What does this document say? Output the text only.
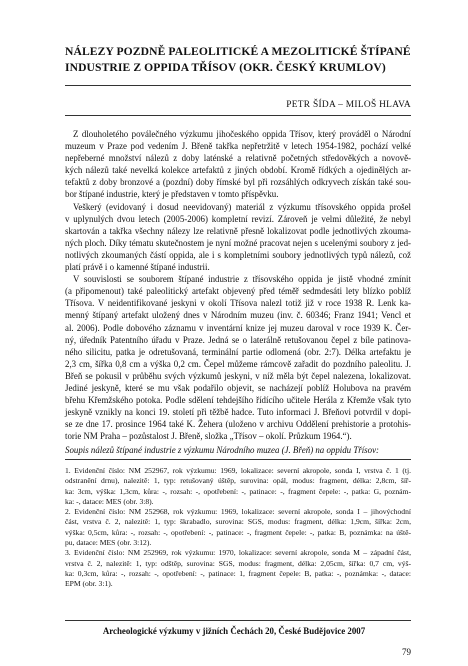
NÁLEZY POZDNĚ PALEOLITICKÉ A MEZOLITICKÉ ŠTÍPANÉ
INDUSTRIE Z OPPIDA TŘÍSOV (OKR. ČESKÝ KRUMLOV)
PETR ŠÍDA – MILOŠ HLAVA
Z dlouholetého poválečného výzkumu jihočeského oppida Třísov, který prováděl o Národní
muzeum v Praze pod vedením J. Břeně takřka nepřetržitě v letech 1954-1982, pochází velké
nepřeberné množství nálezů z doby laténské a relativně početných středověkých a novově-
kých nálezů také nevelká kolekce artefaktů z jiných období. Kromě řídkých a ojedinělých ar-
tefaktů z doby bronzové a (pozdní) doby římské byl při rozsáhlých odkryvech získán také sou-
bor štípané industrie, který je představen v tomto příspěvku.
Veškerý (evidovaný i dosud neevidovaný) materiál z výzkumu třísovského oppida prošel
v uplynulých dvou letech (2005-2006) kompletní revizí. Zároveň je velmi důležité, že nebyl
skartován a takřka všechny nálezy lze relativně přesně lokalizovat podle jednotlivých zkouma-
ných ploch. Díky tématu skutečnostem je nyní možné pracovat nejen s ucelenými soubory z jed-
notlivých zkoumaných částí oppida, ale i s kompletními soubory jednotlivých typů nálezů, což
platí právě i o kamenné štípané industrii.
V souvislosti se souborem štípané industrie z třísovského oppida je jistě vhodné zmínit
(a připomenout) také paleolitický artefakt objevený před téměř sedmdesáti lety blízko poblíž
Třísova. V neidentifikované jeskyni v okolí Třísova nalezl totiž již v roce 1938 R. Lenk ka-
menný štípaný artefakt uložený dnes v Národním muzeu (inv. č. 60346; Franz 1941; Vencl et
al. 2006). Podle dobového záznamu v inventární knize jej muzeu daroval v roce 1939 K. Čer-
ný, úředník Patentního úřadu v Praze. Jedná se o laterálně retušovanou čepel z bíle patinova-
ného silicitu, patka je odretušovaná, terminální partie odlomená (obr. 2:7). Délka artefaktu je
2,3 cm, šířka 0,8 cm a výška 0,2 cm. Čepel můžeme rámcově zařadit do pozdního paleolitu. J.
Břeň se pokusil v průběhu svých výzkumů jeskyni, v níž měla být čepel nalezena, lokalizovat.
Jediné jeskyně, které se mu však podařilo objevit, se nacházejí poblíž Holubova na pravém
břehu Křemžského potoka. Podle sdělení tehdejšího řídícího učitele Herála z Křemže však tyto
jeskyně vznikly na konci 19. století při těžbě hadce. Tuto informaci J. Břeňovi potvrdil v dopi-
se ze dne 17. prosince 1964 také K. Žehera (uloženo v archivu Oddělení prehistorie a protohis-
torie NM Praha – pozůstalost J. Břeně, složka „Třísov – okolí. Průzkum 1964.“).
Soupis nálezů štípané industrie z výzkumu Národního muzea (J. Břeň) na oppidu Třísov:
1. Evidenční číslo: NM 252967, rok výzkumu: 1969, lokalizace: severní akropole, sonda I, vrstva č. 1 (tj.
odstranění drnu), nalezitě: 1, typ: retušovaný úštěp, surovina: opál, modus: fragment, délka: 2,8cm, šíř-
ka: 3cm, výška: 1,3cm, kůra: -, rozsah: -, opotřebení: -, patinace: -, fragment čepele: -, patka: G, poznám-
ka: -, datace: MES (obr. 3:8).
2. Evidenční číslo: NM 252968, rok výzkumu: 1969, lokalizace: severní akropole, sonda I – jihovýchodní
část, vrstva č. 2, nalezitě: 1, typ: škrabadlo, surovina: SGS, modus: fragment, délka: 1,9cm, šířka: 2cm,
výška: 0,5cm, kůra: -, rozsah: -, opotřebení: -, patinace: -, fragment čepele: -, patka: B, poznámka: na úště-
pu, datace: MES (obr. 3:12).
3. Evidenční číslo: NM 252969, rok výzkumu: 1970, lokalizace: severní akropole, sonda M – západní část,
vrstva č. 2, nalezitě: 1, typ: odštěp, surovina: SGS, modus: fragment, délka: 2,05cm, šířka: 0,7 cm, výš-
ka: 0,3cm, kůra: -, rozsah: -, opotřebení: -, patinace: 1, fragment čepele: B, patka: -, poznámka: -, datace:
EPM (obr. 3:1).
Archeologické výzkumy v jižních Čechách 20, České Budějovice 2007
79
